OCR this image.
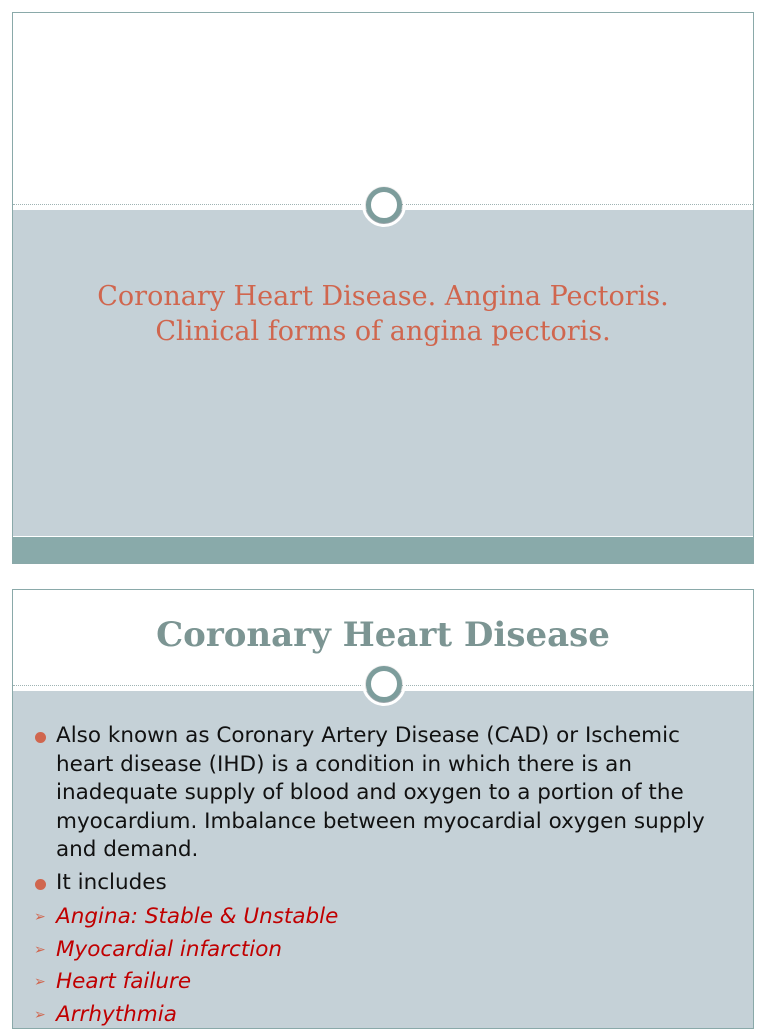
Coronary Heart Disease. Angina Pectoris.
Clinical forms of angina pectoris.
Coronary Heart Disease
Also known as Coronary Artery Disease (CAD) or Ischemic heart disease (IHD) is a condition in which there is an inadequate supply of blood and oxygen to a portion of the myocardium. Imbalance between myocardial oxygen supply and demand.
It includes
➢ Angina: Stable & Unstable
➢ Myocardial infarction
➢ Heart failure
➢ Arrhythmia
